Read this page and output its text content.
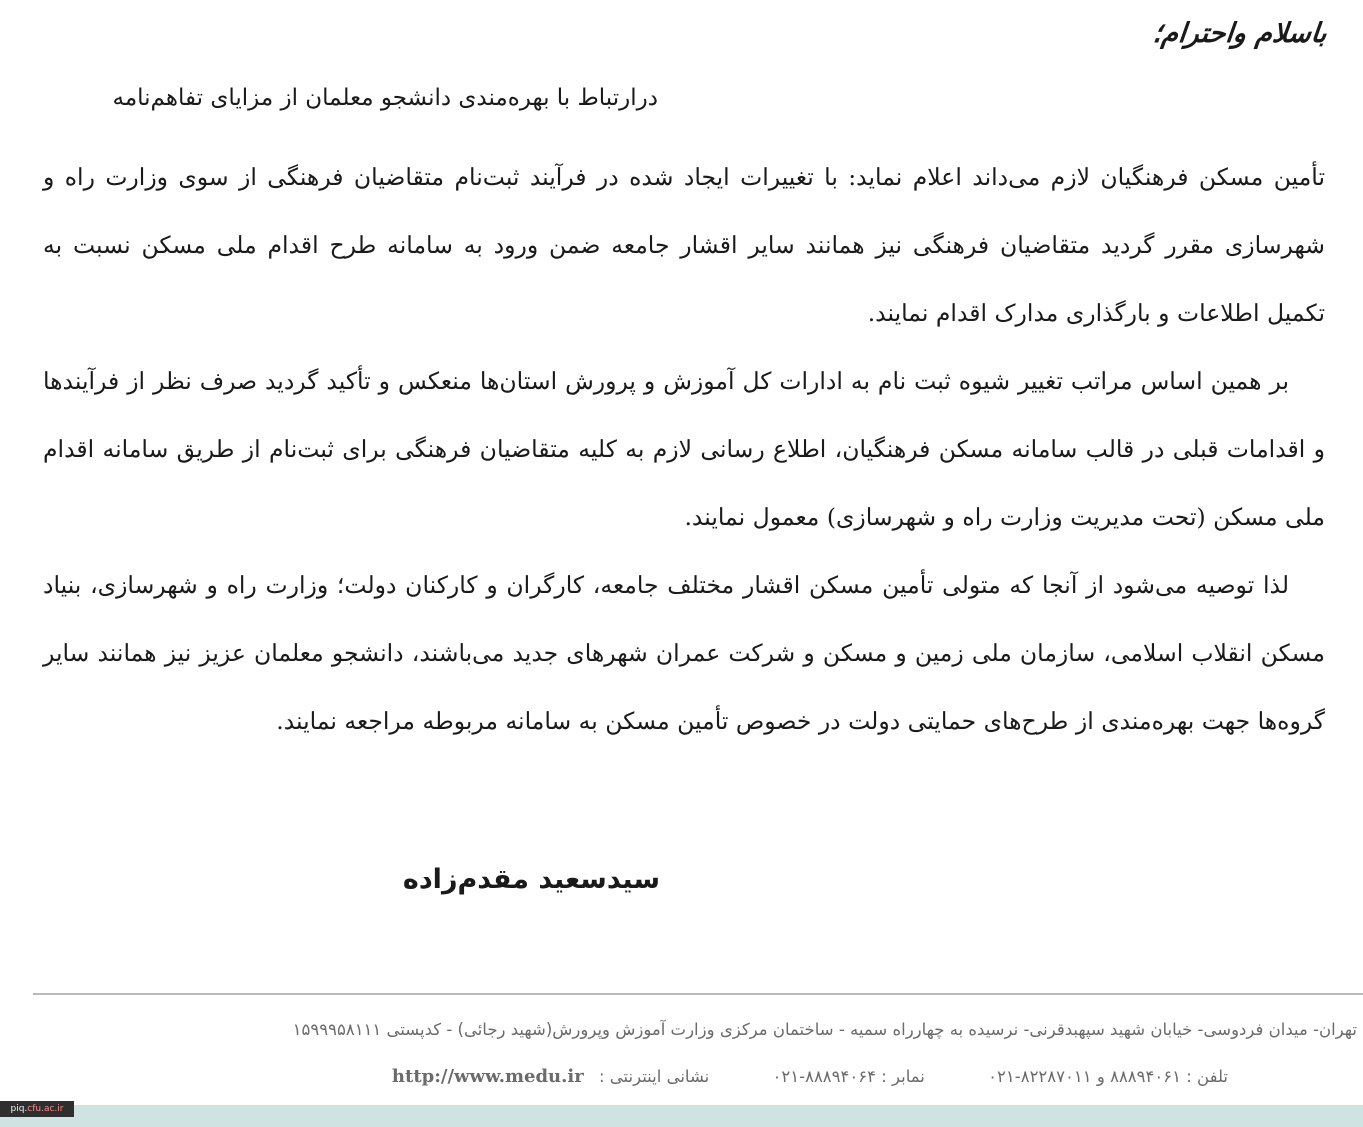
باسلام واحترام؛
درارتباط با بهره‌مندی دانشجو معلمان از مزایای تفاهم‌نامه

تأمین مسکن فرهنگیان لازم می‌داند اعلام نماید: با تغییرات ایجاد شده در فرآیند ثبت‌نام متقاضیان فرهنگی از سوی وزارت راه و شهرسازی مقرر گردید متقاضیان فرهنگی نیز همانند سایر اقشار جامعه ضمن ورود به سامانه طرح اقدام ملی مسکن نسبت به تکمیل اطلاعات و بارگذاری مدارک اقدام نمایند.

بر همین اساس مراتب تغییر شیوه ثبت نام به ادارات کل آموزش و پرورش استان‌ها منعکس و تأکید گردید صرف نظر از فرآیندها و اقدامات قبلی در قالب سامانه مسکن فرهنگیان، اطلاع رسانی لازم به کلیه متقاضیان فرهنگی برای ثبت‌نام از طریق سامانه اقدام ملی مسکن (تحت مدیریت وزارت راه و شهرسازی) معمول نمایند.

لذا توصیه می‌شود از آنجا که متولی تأمین مسکن اقشار مختلف جامعه، کارگران و کارکنان دولت؛ وزارت راه و شهرسازی، بنیاد مسکن انقلاب اسلامی، سازمان ملی زمین و مسکن و شرکت عمران شهرهای جدید می‌باشند، دانشجو معلمان عزیز نیز همانند سایر گروه‌ها جهت بهره‌مندی از طرح‌های حمایتی دولت در خصوص تأمین مسکن به سامانه مربوطه مراجعه نمایند.

سیدسعید مقدم‌زاده
تهران- میدان فردوسی- خیابان شهید سپهبدقرنی- نرسیده به چهارراه سمیه - ساختمان مرکزی وزارت آموزش وپرورش(شهید رجائی) - کدپستی ۱۵۹۹۹۵۸۱۱۱
تلفن : ۸۸۸۹۴۰۶۱ و ۸۲۲۸۷۰۱۱-۰۲۱ نمابر : ۸۸۸۹۴۰۶۴-۰۲۱ نشانی اینترنتی : http://www.medu.ir
piq.cfu.ac.ir
